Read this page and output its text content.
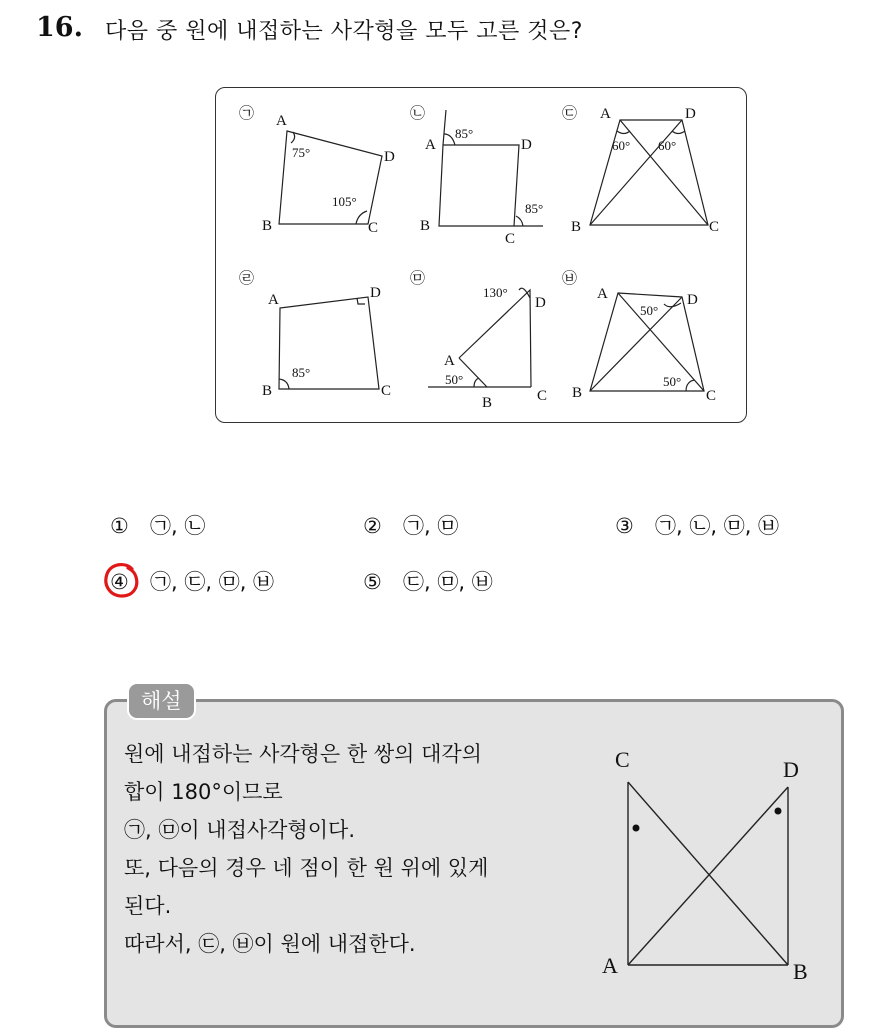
16. 다음 중 원에 내접하는 사각형을 모두 고른 것은?
㉠	㉡	㉢
㉣	㉤	㉥
A
D
B	C
75°
105°
A	D
B
C
85°
85°
A	D
B	C
60° 60°
A	D
B	C
85°
A
D
B	C
130°
50°
A	D
B	C
50°
50°
① ㉠, ㉡	② ㉠, ㉤	③ ㉠, ㉡, ㉤, ㉥
④ ㉠, ㉢, ㉤, ㉥	⑤ ㉢, ㉤, ㉥
해설
원에 내접하는 사각형은 한 쌍의 대각의
합이 180°이므로
㉠, ㉤이 내접사각형이다.
또, 다음의 경우 네 점이 한 원 위에 있게
된다.
따라서, ㉢, ㉥이 원에 내접한다.
C	D
A	B
